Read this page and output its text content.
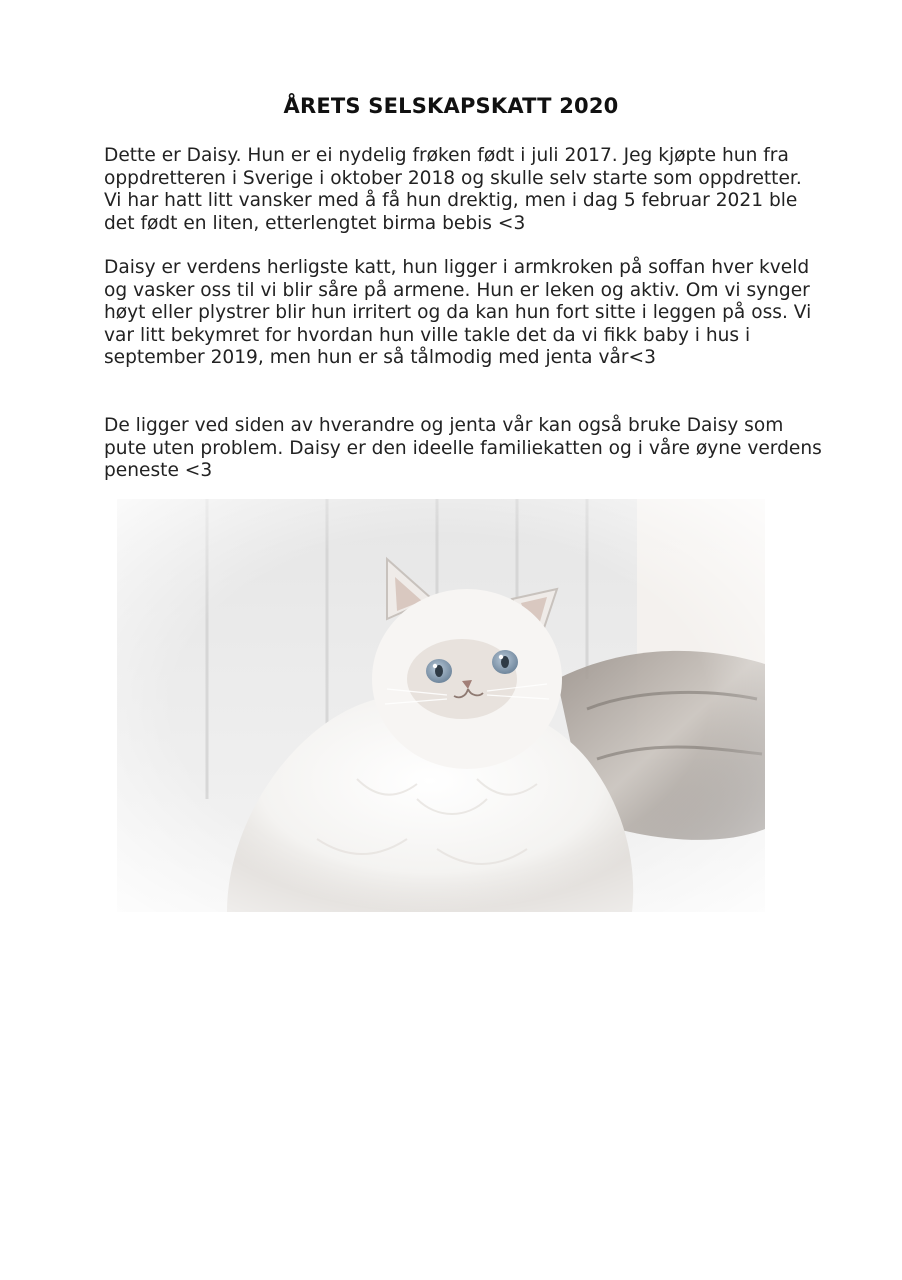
ÅRETS SELSKAPSKATT 2020

Dette er Daisy. Hun er ei nydelig frøken født i juli 2017. Jeg kjøpte hun fra oppdretteren i Sverige i oktober 2018 og skulle selv starte som oppdretter. Vi har hatt litt vansker med å få hun drektig, men i dag 5 februar 2021 ble det født en liten, etterlengtet birma bebis <3

Daisy er verdens herligste katt, hun ligger i armkroken på soffan hver kveld og vasker oss til vi blir såre på armene. Hun er leken og aktiv. Om vi synger høyt eller plystrer blir hun irritert og da kan hun fort sitte i leggen på oss. Vi var litt bekymret for hvordan hun ville takle det da vi fikk baby i hus i september 2019, men hun er så tålmodig med jenta vår<3

De ligger ved siden av hverandre og jenta vår kan også bruke Daisy som pute uten problem. Daisy er den ideelle familiekatten og i våre øyne verdens peneste <3
